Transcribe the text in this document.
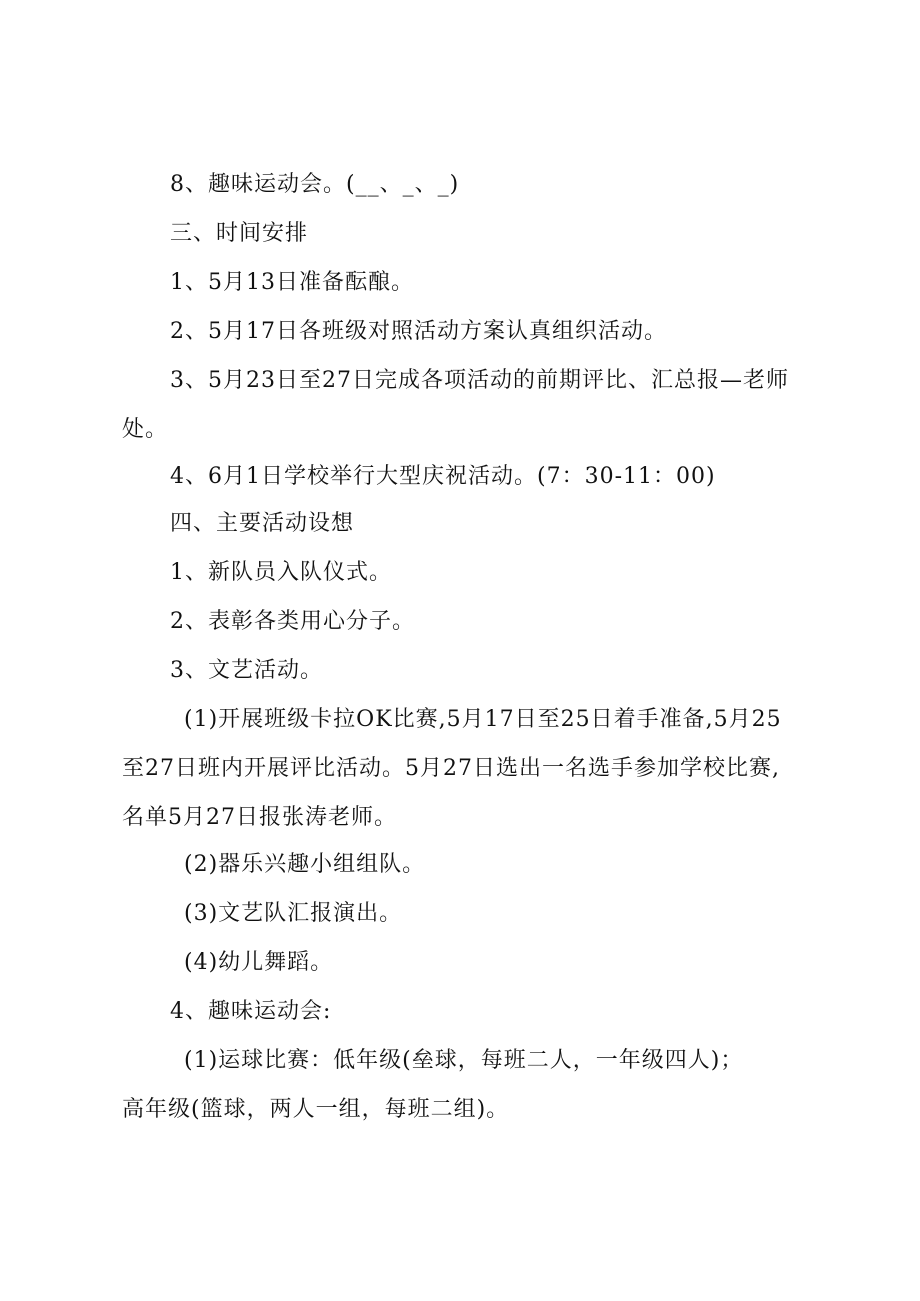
8、趣味运动会。(__、_、_)
三、时间安排
1、5月13日准备酝酿。
2、5月17日各班级对照活动方案认真组织活动。
3、5月23日至27日完成各项活动的前期评比、汇总报—老师
处。
4、6月1日学校举行大型庆祝活动。(7：30-11：00)
四、主要活动设想
1、新队员入队仪式。
2、表彰各类用心分子。
3、文艺活动。
(1)开展班级卡拉OK比赛,5月17日至25日着手准备,5月25
至27日班内开展评比活动。5月27日选出一名选手参加学校比赛,
名单5月27日报张涛老师。
(2)器乐兴趣小组组队。
(3)文艺队汇报演出。
(4)幼儿舞蹈。
4、趣味运动会:
(1)运球比赛：低年级(垒球，每班二人，一年级四人)；
高年级(篮球，两人一组，每班二组)。
